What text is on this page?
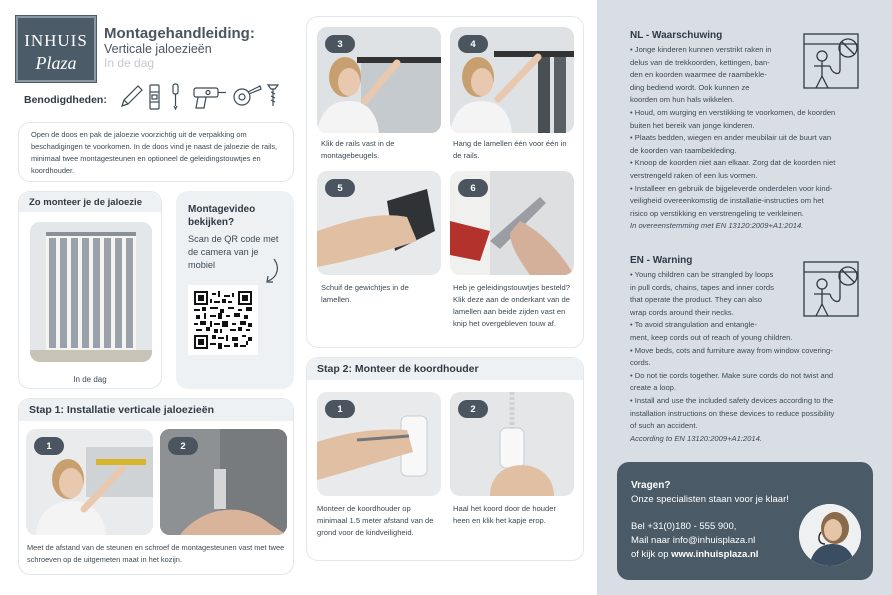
INHUIS
Plaza
Montagehandleiding:
Verticale jaloezieën
In de dag
Benodigdheden:
Open de doos en pak de jaloezie voorzichtig uit de verpakking om beschadigingen te voorkomen. In de doos vind je naast de jaloezie de rails, minimaal twee montagesteunen en optioneel de geleidingstouwtjes en koordhouder.
Zo monteer je de jaloezie
In de dag
Montagevideo bekijken?
Scan de QR code met de camera van je mobiel
Stap 1: Installatie verticale jaloezieën
1	2
Meet de afstand van de steunen en schroef de montagesteunen vast met twee schroeven op de uitgemeten maat in het kozijn.
3
Klik de rails vast in de montagebeugels.
4
Hang de lamellen één voor één in de rails.
5
Schuif de gewichtjes in de lamellen.
6
Heb je geleidingstouwtjes besteld? Klik deze aan de onderkant van de lamellen aan beide zijden vast en knip het overgebleven touw af.
Stap 2: Monteer de koordhouder
1
Monteer de koordhouder op minimaal 1.5 meter afstand van de grond voor de kindveiligheid.
2
Haal het koord door de houder heen en klik het kapje erop.
NL - Waarschuwing

• Jonge kinderen kunnen verstrikt raken in

delus van de trekkoorden, kettingen, ban-

den en koorden waarmee de raambekle-

ding bediend wordt. Ook kunnen ze

koorden om hun hals wikkelen.

• Houd, om wurging en verstikking te voorkomen, de koorden

buiten het bereik van jonge kinderen.

• Plaats bedden, wiegen en ander meubilair uit de buurt van

de koorden van raambekleding.

• Knoop de koorden niet aan elkaar. Zorg dat de koorden niet

verstrengeld raken of een lus vormen.

• Installeer en gebruik de bijgeleverde onderdelen voor kind-

veiligheid overeenkomstig de installatie-instructies om het

risico op verstikking en verstrengeling te verkleinen.

In overeenstemming met EN 13120:2009+A1:2014.

EN - Warning

• Young children can be strangled by loops

in pull cords, chains, tapes and inner cords

that operate the product. They can also

wrap cords around their necks.

• To avoid strangulation and entangle-

ment, keep cords out of reach of young children.

• Move beds, cots and furniture away from window covering-

cords.

• Do not tie cords together. Make sure cords do not twist and

create a loop.

• Install and use the included safety devices according to the

installation instructions on these devices to reduce possibility

of such an accident.

According to EN 13120:2009+A1:2014.

Vragen?
Onze specialisten staan voor je klaar!
Bel +31(0)180 - 555 900,
Mail naar info@inhuisplaza.nl
of kijk op www.inhuisplaza.nl
